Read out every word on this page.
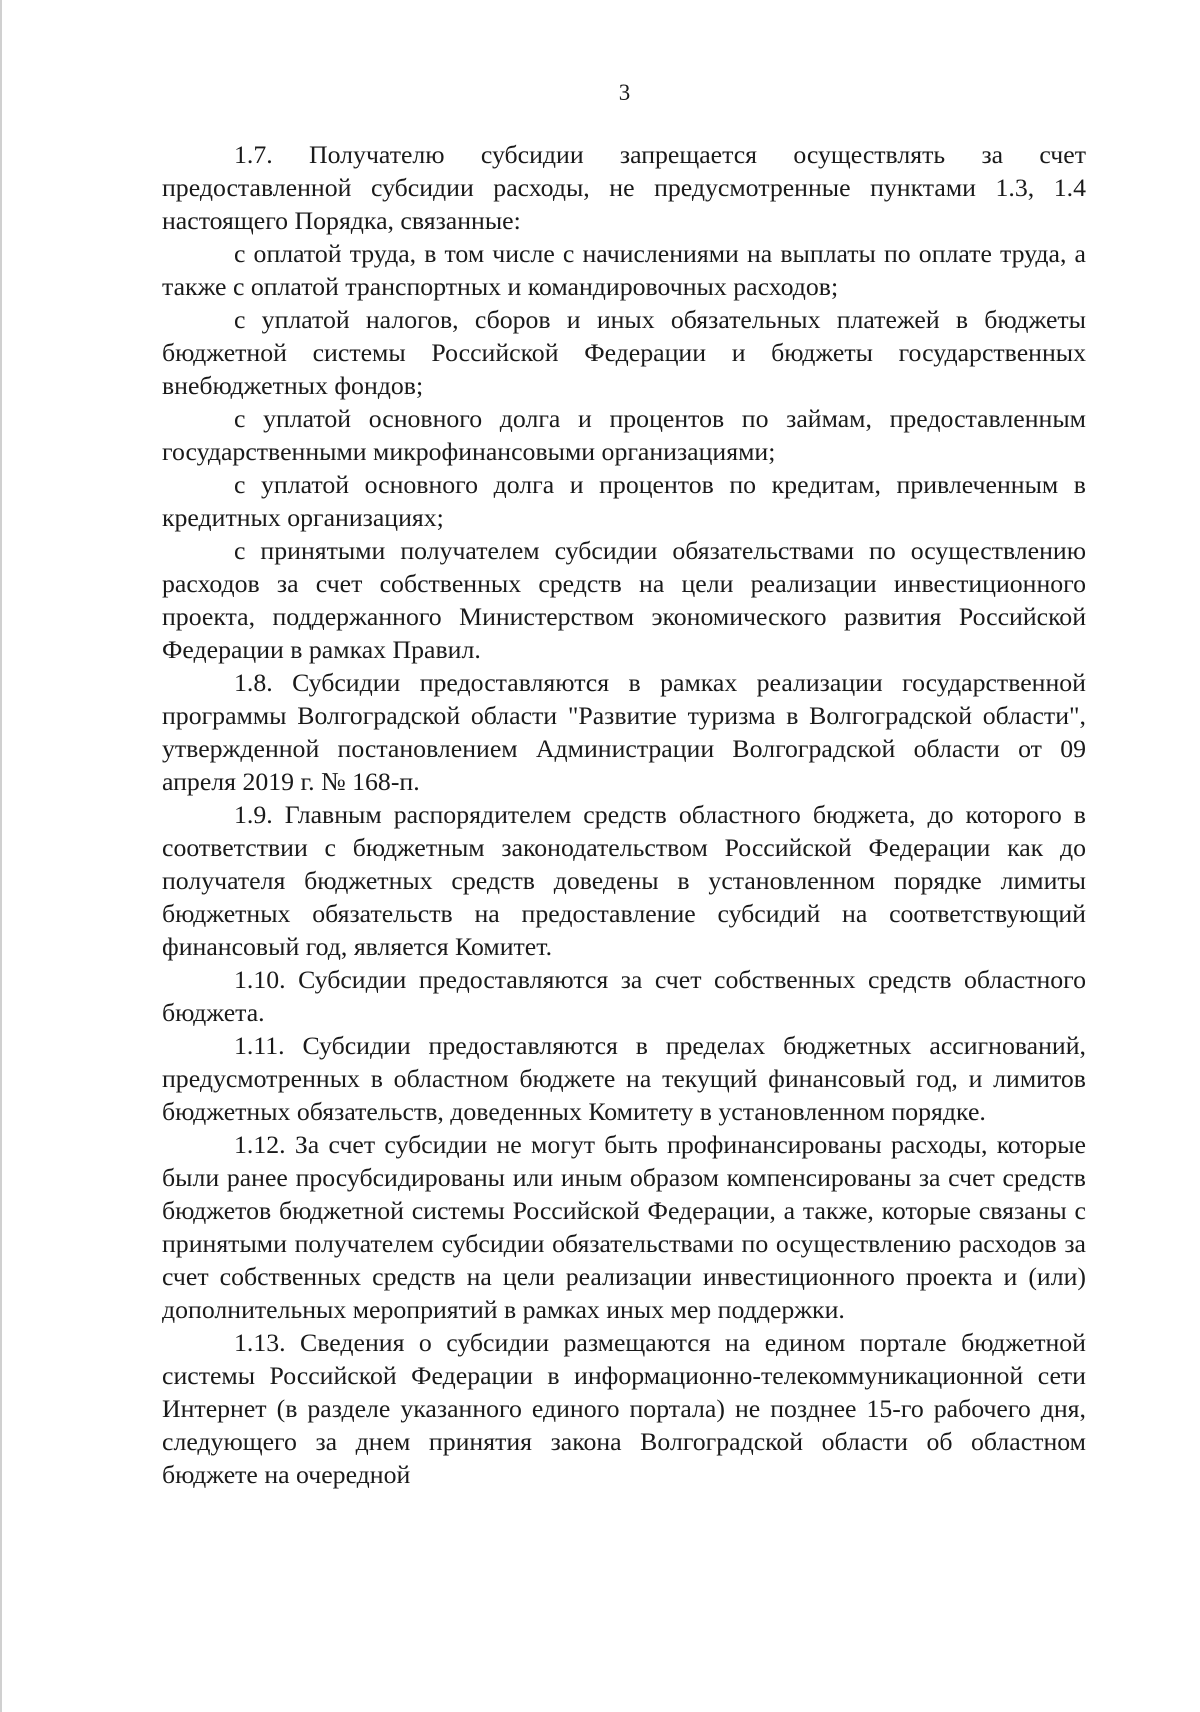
3

1.7. Получателю субсидии запрещается осуществлять за счет предоставленной субсидии расходы, не предусмотренные пунктами 1.3, 1.4 настоящего Порядка, связанные:

с оплатой труда, в том числе с начислениями на выплаты по оплате труда, а также с оплатой транспортных и командировочных расходов;

с уплатой налогов, сборов и иных обязательных платежей в бюджеты бюджетной системы Российской Федерации и бюджеты государственных внебюджетных фондов;

с уплатой основного долга и процентов по займам, предоставленным государственными микрофинансовыми организациями;

с уплатой основного долга и процентов по кредитам, привлеченным в кредитных организациях;

с принятыми получателем субсидии обязательствами по осуществлению расходов за счет собственных средств на цели реализации инвестиционного проекта, поддержанного Министерством экономического развития Российской Федерации в рамках Правил.

1.8. Субсидии предоставляются в рамках реализации государственной программы Волгоградской области "Развитие туризма в Волгоградской области", утвержденной постановлением Администрации Волгоградской области от 09 апреля 2019 г. № 168-п.

1.9. Главным распорядителем средств областного бюджета, до которого в соответствии с бюджетным законодательством Российской Федерации как до получателя бюджетных средств доведены в установленном порядке лимиты бюджетных обязательств на предоставление субсидий на соответствующий финансовый год, является Комитет.

1.10. Субсидии предоставляются за счет собственных средств областного бюджета.

1.11. Субсидии предоставляются в пределах бюджетных ассигнований, предусмотренных в областном бюджете на текущий финансовый год, и лимитов бюджетных обязательств, доведенных Комитету в установленном порядке.

1.12. За счет субсидии не могут быть профинансированы расходы, которые были ранее просубсидированы или иным образом компенсированы за счет средств бюджетов бюджетной системы Российской Федерации, а также, которые связаны с принятыми получателем субсидии обязательствами по осуществлению расходов за счет собственных средств на цели реализации инвестиционного проекта и (или) дополнительных мероприятий в рамках иных мер поддержки.

1.13. Сведения о субсидии размещаются на едином портале бюджетной системы Российской Федерации в информационно-телекоммуникационной сети Интернет (в разделе указанного единого портала) не позднее 15-го рабочего дня, следующего за днем принятия закона Волгоградской области об областном бюджете на очередной
